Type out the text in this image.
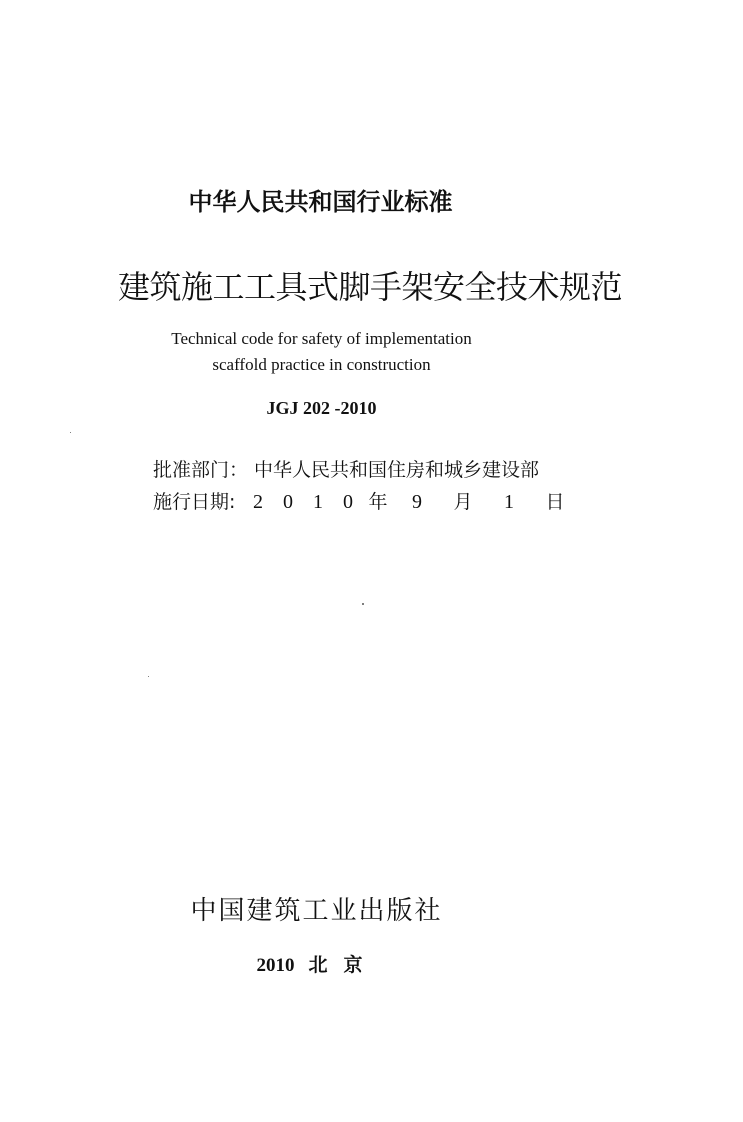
中华人民共和国行业标准
建筑施工工具式脚手架安全技术规范
Technical code for safety of implementation
scaffold practice in construction
JGJ 202 -2010
批准部门 ： 中华人民共和国住房和城乡建设部
施行日期 : 2	0	1	0 年	9	月	1	日
中国建筑工业出版社
2010 北京
